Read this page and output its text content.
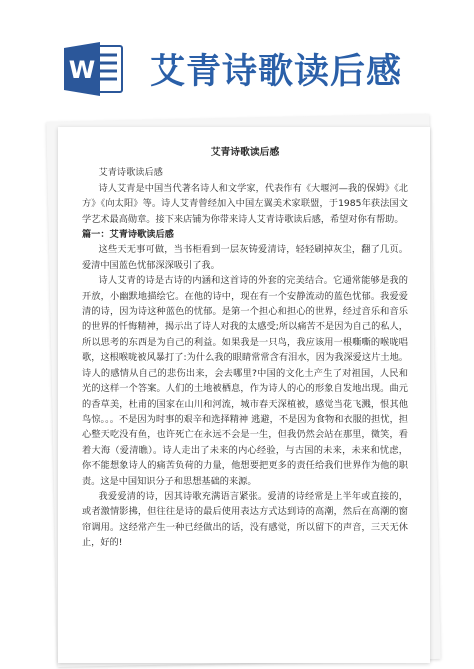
W 艾青诗歌读后感
艾青诗歌读后感

艾青诗歌读后感

诗人艾青是中国当代著名诗人和文学家，代表作有《大堰河—我的保姆》《北方》《向太阳》等。诗人艾青曾经加入中国左翼美术家联盟，于1985年获法国文学艺术最高勋章。接下来店铺为你带来诗人艾青诗歌读后感，希望对你有帮助。

篇一：艾青诗歌读后感

这些天无事可做，当书柜看到一层灰铸爱清诗，轻轻刷掉灰尘，翻了几页。爱清中国蓝色忧郁深深吸引了我。

诗人艾青的诗是古诗的内涵和这首诗的外套的完美结合。它通常能够是我的开放，小幽默地描绘它。在他的诗中，现在有一个安静流动的蓝色忧郁。我爱爱清的诗，因为诗这种蓝色的忧郁。是第一个担心和担心的世界，经过音乐和音乐的世界的忏悔精神，揭示出了诗人对我的太感受;所以痛苦不是因为自己的私人，所以思考的东西是为自己的利益。如果我是一只鸟，我应该用一根嘶嘶的喉咙唱歌，这根喉咙被风暴打了:为什么我的眼睛常常含有泪水，因为我深爱这片土地。诗人的感情从自己的悲伤出来，会去哪里?中国的文化土产生了对祖国，人民和光的这样一个答案。人们的土地被栖息，作为诗人的心的形象自发地出现。曲元的香草美，杜甫的国家在山川和河流，城市春天深植被，感觉当花飞溅，恨其他鸟惊。。。不是因为时事的艰辛和选择精神 逃避，不是因为食物和衣服的担忧，担心整天吃没有鱼，也许死亡在永远不会是一生，但我仍然会站在那里，微笑，看着大海（爱清瞧）。诗人走出了未来的内心经验，与古国的未来，未来和忧虑，你不能想象诗人的痛苦负荷的力量，他想要把更多的责任给我们世界作为他的职责。这是中国知识分子和思想基础的来源。

我爱爱清的诗，因其诗歌充满语言紧张。爱清的诗经常是上半年或直接的，或者激情影拂，但往往是诗的最后使用表达方式达到诗的高潮，然后在高潮的窗帘调用。这经常产生一种已经做出的话，没有感觉，所以留下的声音，三天无休止，好的!
